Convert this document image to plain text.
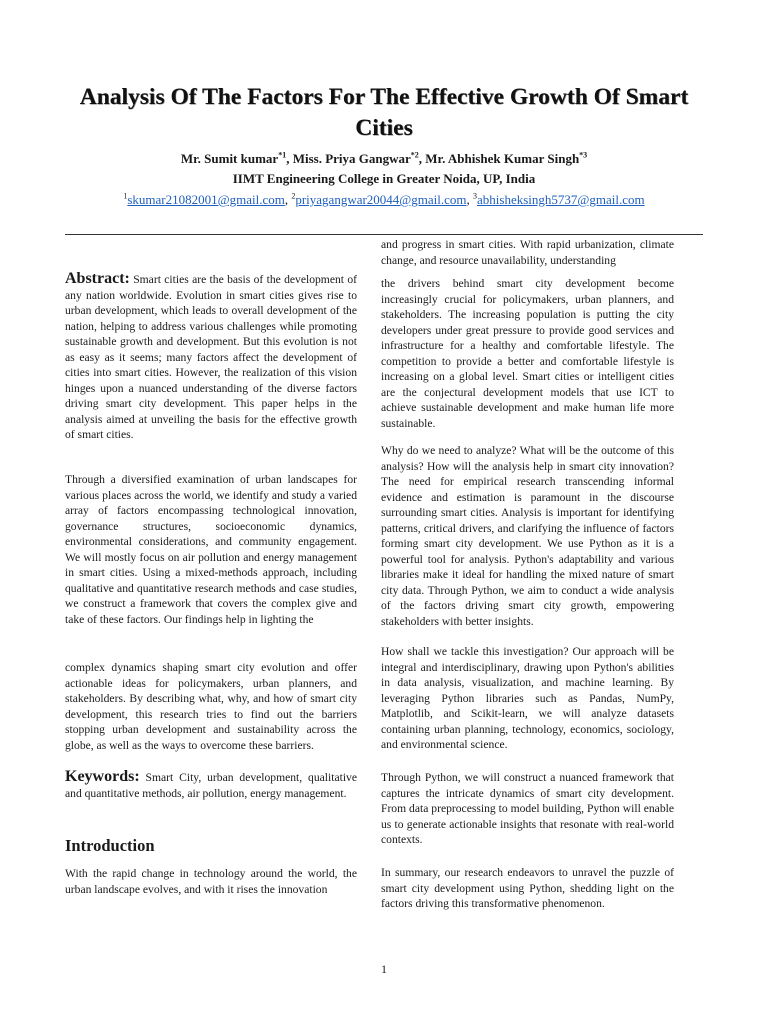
Analysis Of The Factors For The Effective Growth Of Smart Cities
Mr. Sumit kumar$^{*1}$, Miss. Priya Gangwar$^{*2}$, Mr. Abhishek Kumar Singh$^{*3}$
IIMT Engineering College in Greater Noida, UP, India
$^1$skumar21082001@gmail.com, $^2$priyagangwar20044@gmail.com, $^3$abhisheksingh5737@gmail.com

Abstract: Smart cities are the basis of the development of any nation worldwide. Evolution in smart cities gives rise to urban development, which leads to overall development of the nation, helping to address various challenges while promoting sustainable growth and development. But this evolution is not as easy as it seems; many factors affect the development of cities into smart cities. However, the realization of this vision hinges upon a nuanced understanding of the diverse factors driving smart city development. This paper helps in the analysis aimed at unveiling the basis for the effective growth of smart cities.

Through a diversified examination of urban landscapes for various places across the world, we identify and study a varied array of factors encompassing technological innovation, governance structures, socioeconomic dynamics, environmental considerations, and community engagement. We will mostly focus on air pollution and energy management in smart cities. Using a mixed-methods approach, including qualitative and quantitative research methods and case studies, we construct a framework that covers the complex give and take of these factors. Our findings help in lighting the

complex dynamics shaping smart city evolution and offer actionable ideas for policymakers, urban planners, and stakeholders. By describing what, why, and how of smart city development, this research tries to find out the barriers stopping urban development and sustainability across the globe, as well as the ways to overcome these barriers.

Keywords: Smart City, urban development, qualitative and quantitative methods, air pollution, energy management.

Introduction

With the rapid change in technology around the world, the urban landscape evolves, and with it rises the innovation

and progress in smart cities. With rapid urbanization, climate change, and resource unavailability, understanding

the drivers behind smart city development become increasingly crucial for policymakers, urban planners, and stakeholders. The increasing population is putting the city developers under great pressure to provide good services and infrastructure for a healthy and comfortable lifestyle. The competition to provide a better and comfortable lifestyle is increasing on a global level. Smart cities or intelligent cities are the conjectural development models that use ICT to achieve sustainable development and make human life more sustainable.

Why do we need to analyze? What will be the outcome of this analysis? How will the analysis help in smart city innovation? The need for empirical research transcending informal evidence and estimation is paramount in the discourse surrounding smart cities. Analysis is important for identifying patterns, critical drivers, and clarifying the influence of factors forming smart city development. We use Python as it is a powerful tool for analysis. Python's adaptability and various libraries make it ideal for handling the mixed nature of smart city data. Through Python, we aim to conduct a wide analysis of the factors driving smart city growth, empowering stakeholders with better insights.

How shall we tackle this investigation? Our approach will be integral and interdisciplinary, drawing upon Python's abilities in data analysis, visualization, and machine learning. By leveraging Python libraries such as Pandas, NumPy, Matplotlib, and Scikit-learn, we will analyze datasets containing urban planning, technology, economics, sociology, and environmental science.

Through Python, we will construct a nuanced framework that captures the intricate dynamics of smart city development. From data preprocessing to model building, Python will enable us to generate actionable insights that resonate with real-world contexts.

In summary, our research endeavors to unravel the puzzle of smart city development using Python, shedding light on the factors driving this transformative phenomenon.

1
